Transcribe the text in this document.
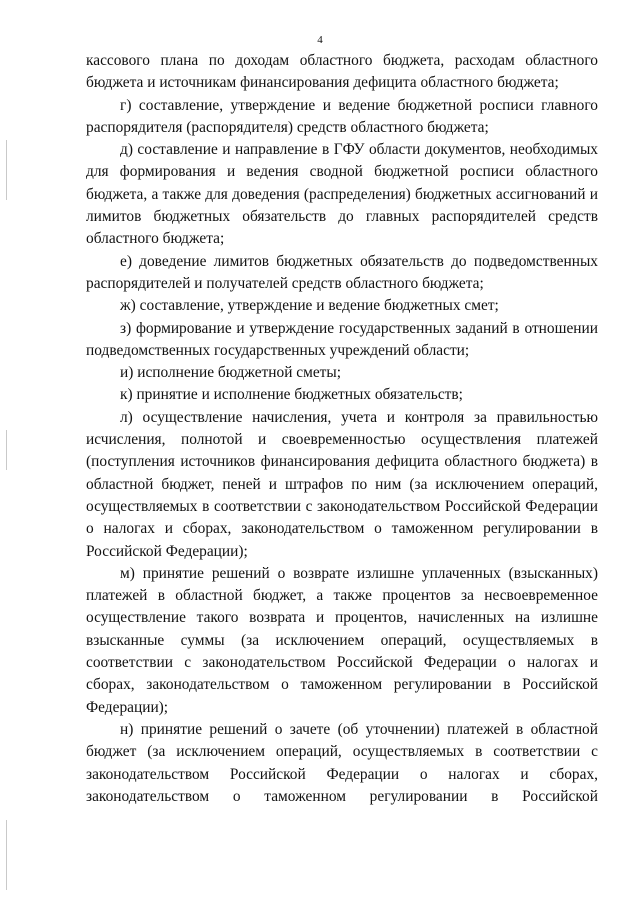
4

кассового плана по доходам областного бюджета, расходам областного бюджета и источникам финансирования дефицита областного бюджета;

г) составление, утверждение и ведение бюджетной росписи главного распорядителя (распорядителя) средств областного бюджета;

д) составление и направление в ГФУ области документов, необходимых для формирования и ведения сводной бюджетной росписи областного бюджета, а также для доведения (распределения) бюджетных ассигнований и лимитов бюджетных обязательств до главных распорядителей средств областного бюджета;

е) доведение лимитов бюджетных обязательств до подведомственных распорядителей и получателей средств областного бюджета;

ж) составление, утверждение и ведение бюджетных смет;

з) формирование и утверждение государственных заданий в отношении подведомственных государственных учреждений области;

и) исполнение бюджетной сметы;

к) принятие и исполнение бюджетных обязательств;

л) осуществление начисления, учета и контроля за правильностью исчисления, полнотой и своевременностью осуществления платежей (поступления источников финансирования дефицита областного бюджета) в областной бюджет, пеней и штрафов по ним (за исключением операций, осуществляемых в соответствии с законодательством Российской Федерации о налогах и сборах, законодательством о таможенном регулировании в Российской Федерации);

м) принятие решений о возврате излишне уплаченных (взысканных) платежей в областной бюджет, а также процентов за несвоевременное осуществление такого возврата и процентов, начисленных на излишне взысканные суммы (за исключением операций, осуществляемых в соответствии с законодательством Российской Федерации о налогах и сборах, законодательством о таможенном регулировании в Российской Федерации);

н) принятие решений о зачете (об уточнении) платежей в областной бюджет (за исключением операций, осуществляемых в соответствии с законодательством Российской Федерации о налогах и сборах, законодательством о таможенном регулировании в Российской
